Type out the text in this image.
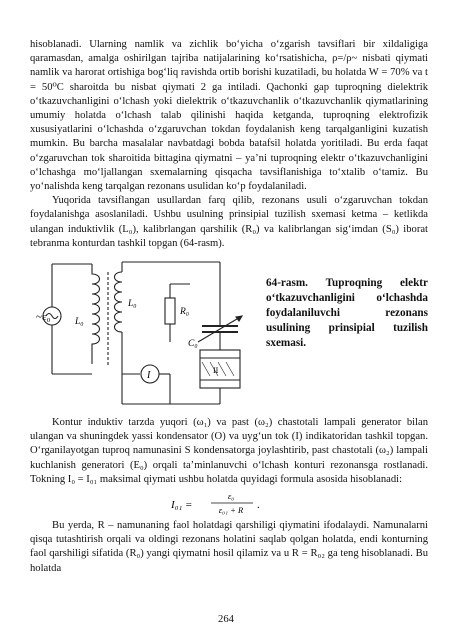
hisoblanadi. Ularning namlik va zichlik bo‘yicha o‘zgarish tavsiflari bir xildaligiga qaramasdan, amalga oshirilgan tajriba natijalarining ko‘rsatishicha, ρ=/ρ~ nisbati qiymati namlik va harorat ortishiga bog‘liq ravishda ortib borishi kuzatiladi, bu holatda W = 70% va t = 50⁰C sharoitda bu nisbat qiymati 2 ga intiladi. Qachonki gap tuproqning dielektrik o‘tkazuvchanligini o‘lchash yoki dielektrik o‘tkazuvchanlik o‘tkazuvchanlik qiymatlarining umumiy holatda o‘lchash talab qilinishi haqida ketganda, tuproqning elektrofizik xususiyatlarini o‘lchashda o‘zgaruvchan tokdan foydalanish keng tarqalganligini kuzatish mumkin. Bu barcha masalalar navbatdagi bobda batafsil holatda yoritiladi. Bu erda faqat o‘zgaruvchan tok sharoitida bittagina qiymatni – ya’ni tuproqning elektr o‘tkazuvchanligini o‘lchashga mo‘ljallangan sxemalarning qisqacha tavsiflanishiga to‘xtalib o‘tamiz. Bu yo‘nalishda keng tarqalgan rezonans usulidan ko‘p foydalaniladi.

Yuqorida tavsiflangan usullardan farq qilib, rezonans usuli o‘zgaruvchan tokdan foydalanishga asoslaniladi. Ushbu usulning prinsipial tuzilish sxemasi ketma – ketlikda ulangan induktivlik (L₀), kalibrlangan qarshilik (R₀) va kalibrlangan sig‘imdan (S₀) iborat tebranma konturdan tashkil topgan (64-rasm).

~ε₀	L₀
L₀
R₀
C₀
I	II
64-rasm. Tuproqning elektr o‘tkazuvchanligini o‘lchashda foydalaniluvchi rezonans usulining prinsipial tuzilish sxemasi.

Kontur induktiv tarzda yuqori (ω₁) va past (ω₂) chastotali lampali generator bilan ulangan va shuningdek yassi kondensator (O) va uyg‘un tok (I) indikatoridan tashkil topgan. O‘rganilayotgan tuproq namunasini S kondensatorga joylashtirib, past chastotali (ω₂) lampali kuchlanish generatori (E₀) orqali ta’minlanuvchi o‘lchash konturi rezonansga rostlanadi. Tokning I₀ = I₀₁ maksimal qiymati ushbu holatda quyidagi formula asosida hisoblanadi:

I₀₁ =
ε₀
ε₀₁ + R .

Bu yerda, R – namunaning faol holatdagi qarshiligi qiymatini ifodalaydi. Namunalarni qisqa tutashtirish orqali va oldingi rezonans holatini saqlab qolgan holatda, endi konturning faol qarshiligi sifatida (R₀) yangi qiymatni hosil qilamiz va u R = R₀₂ ga teng hisoblanadi. Bu holatda

264
